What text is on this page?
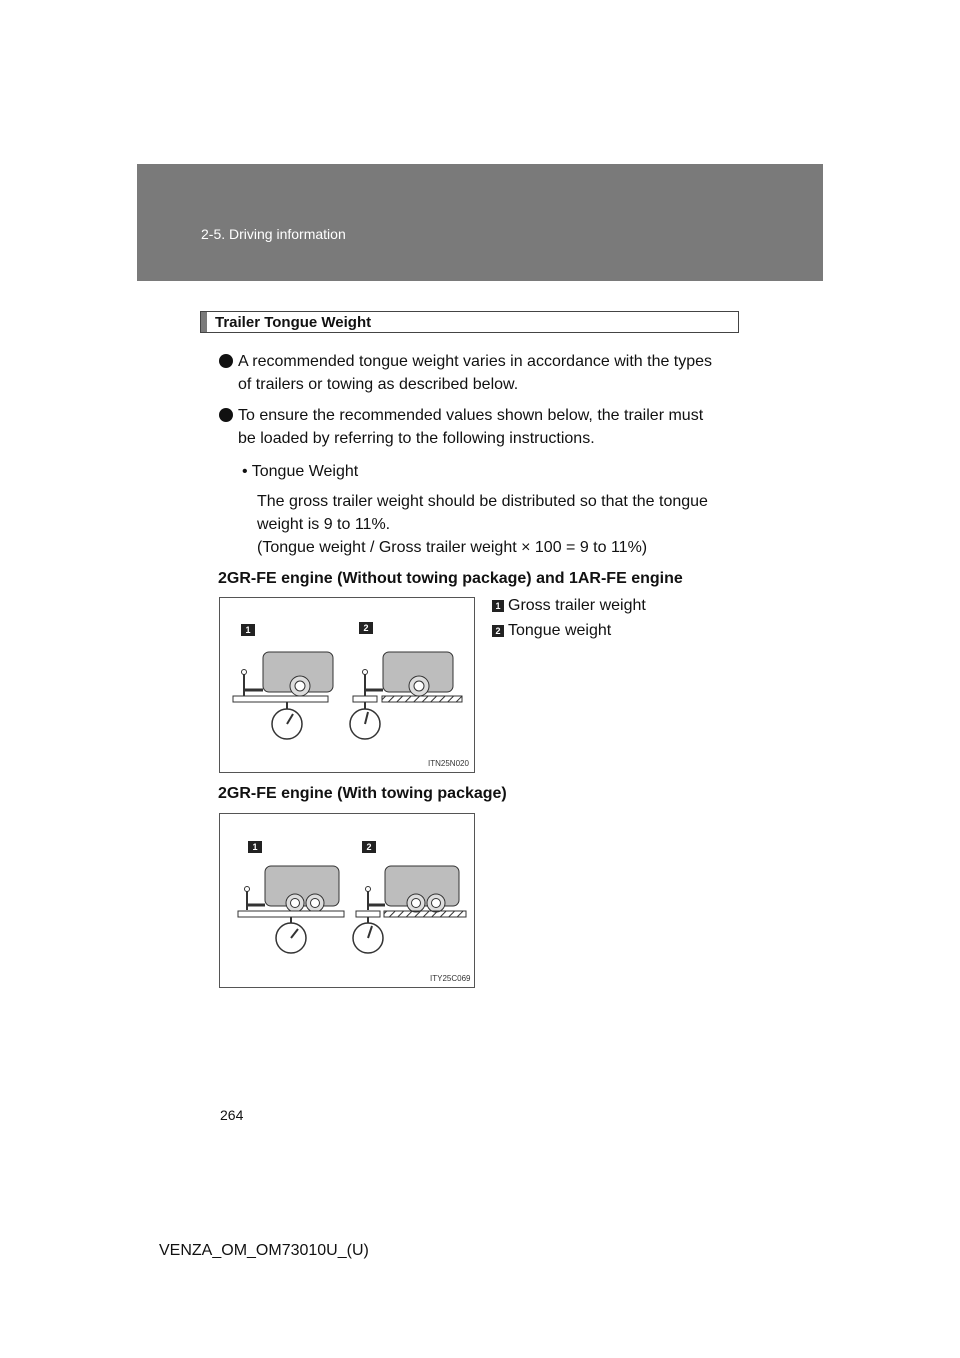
2-5. Driving information
Trailer Tongue Weight
A recommended tongue weight varies in accordance with the types
of trailers or towing as described below.
To ensure the recommended values shown below, the trailer must
be loaded by referring to the following instructions.
• Tongue Weight
The gross trailer weight should be distributed so that the tongue
weight is 9 to 11%.
(Tongue weight / Gross trailer weight × 100 = 9 to 11%)
2GR-FE engine (Without towing package) and 1AR-FE engine
1	2
ITN25N020
1 Gross trailer weight
2 Tongue weight
2GR-FE engine (With towing package)
1	2
ITY25C069
264
VENZA_OM_OM73010U_(U)
